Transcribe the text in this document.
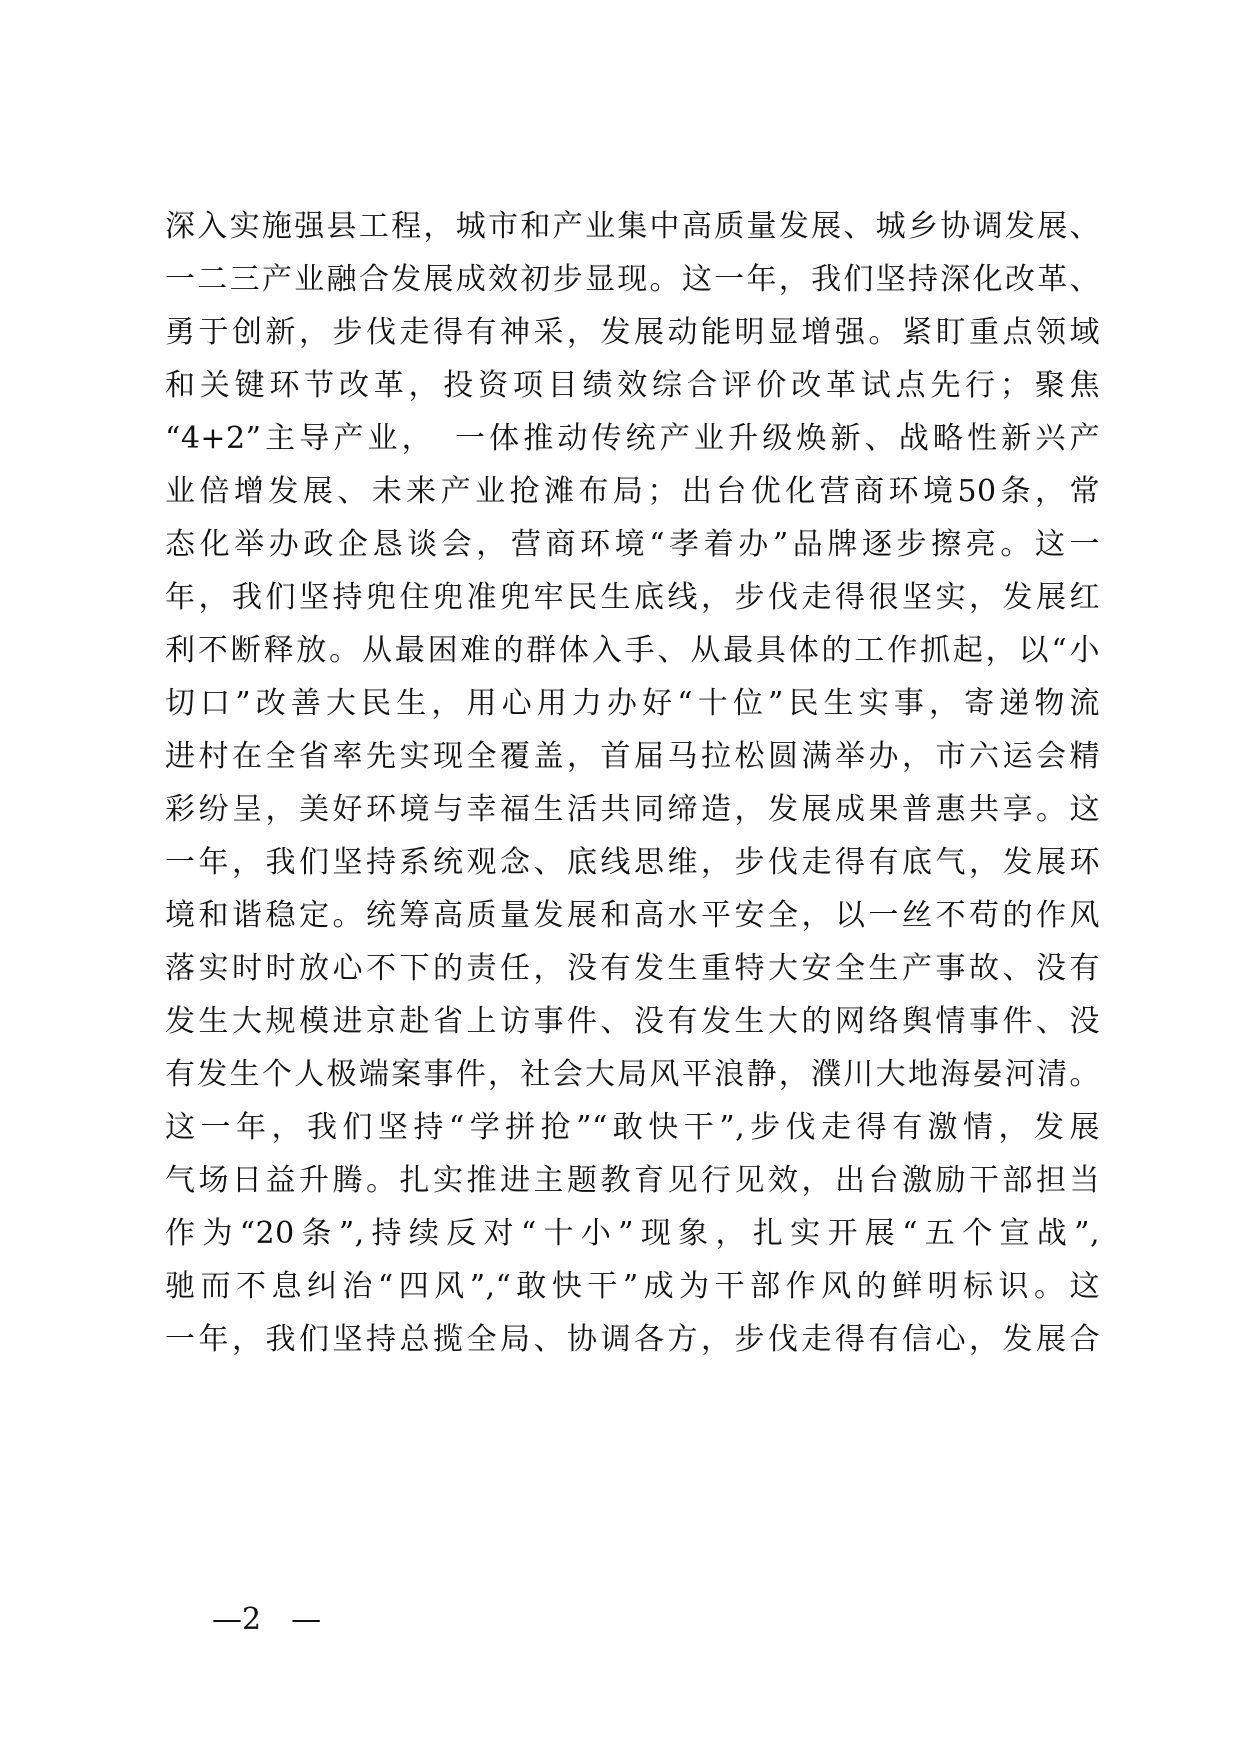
深入实施强县工程，城市和产业集中高质量发展、城乡协调发展、
一二三产业融合发展成效初步显现。这一年，我们坚持深化改革、
勇于创新，步伐走得有神采，发展动能明显增强。紧盯重点领域
和关键环节改革，投资项目绩效综合评价改革试点先行；聚焦
“4+2”主导产业，　一体推动传统产业升级焕新、战略性新兴产
业倍增发展、未来产业抢滩布局；出台优化营商环境50条，常
态化举办政企恳谈会，营商环境“孝着办”品牌逐步擦亮。这一
年，我们坚持兜住兜准兜牢民生底线，步伐走得很坚实，发展红
利不断释放。从最困难的群体入手、从最具体的工作抓起，以“小
切口”改善大民生，用心用力办好“十位”民生实事，寄递物流
进村在全省率先实现全覆盖，首届马拉松圆满举办，市六运会精
彩纷呈，美好环境与幸福生活共同缔造，发展成果普惠共享。这
一年，我们坚持系统观念、底线思维，步伐走得有底气，发展环
境和谐稳定。统筹高质量发展和高水平安全，以一丝不苟的作风
落实时时放心不下的责任，没有发生重特大安全生产事故、没有
发生大规模进京赴省上访事件、没有发生大的网络舆情事件、没
有发生个人极端案事件，社会大局风平浪静，濮川大地海晏河清。
这一年，我们坚持“学拼抢”“敢快干”,步伐走得有激情，发展
气场日益升腾。扎实推进主题教育见行见效，出台激励干部担当
作为“20条”,持续反对“十小”现象，扎实开展“五个宣战”,
驰而不息纠治“四风”,“敢快干”成为干部作风的鲜明标识。这
一年，我们坚持总揽全局、协调各方，步伐走得有信心，发展合
—2　—
